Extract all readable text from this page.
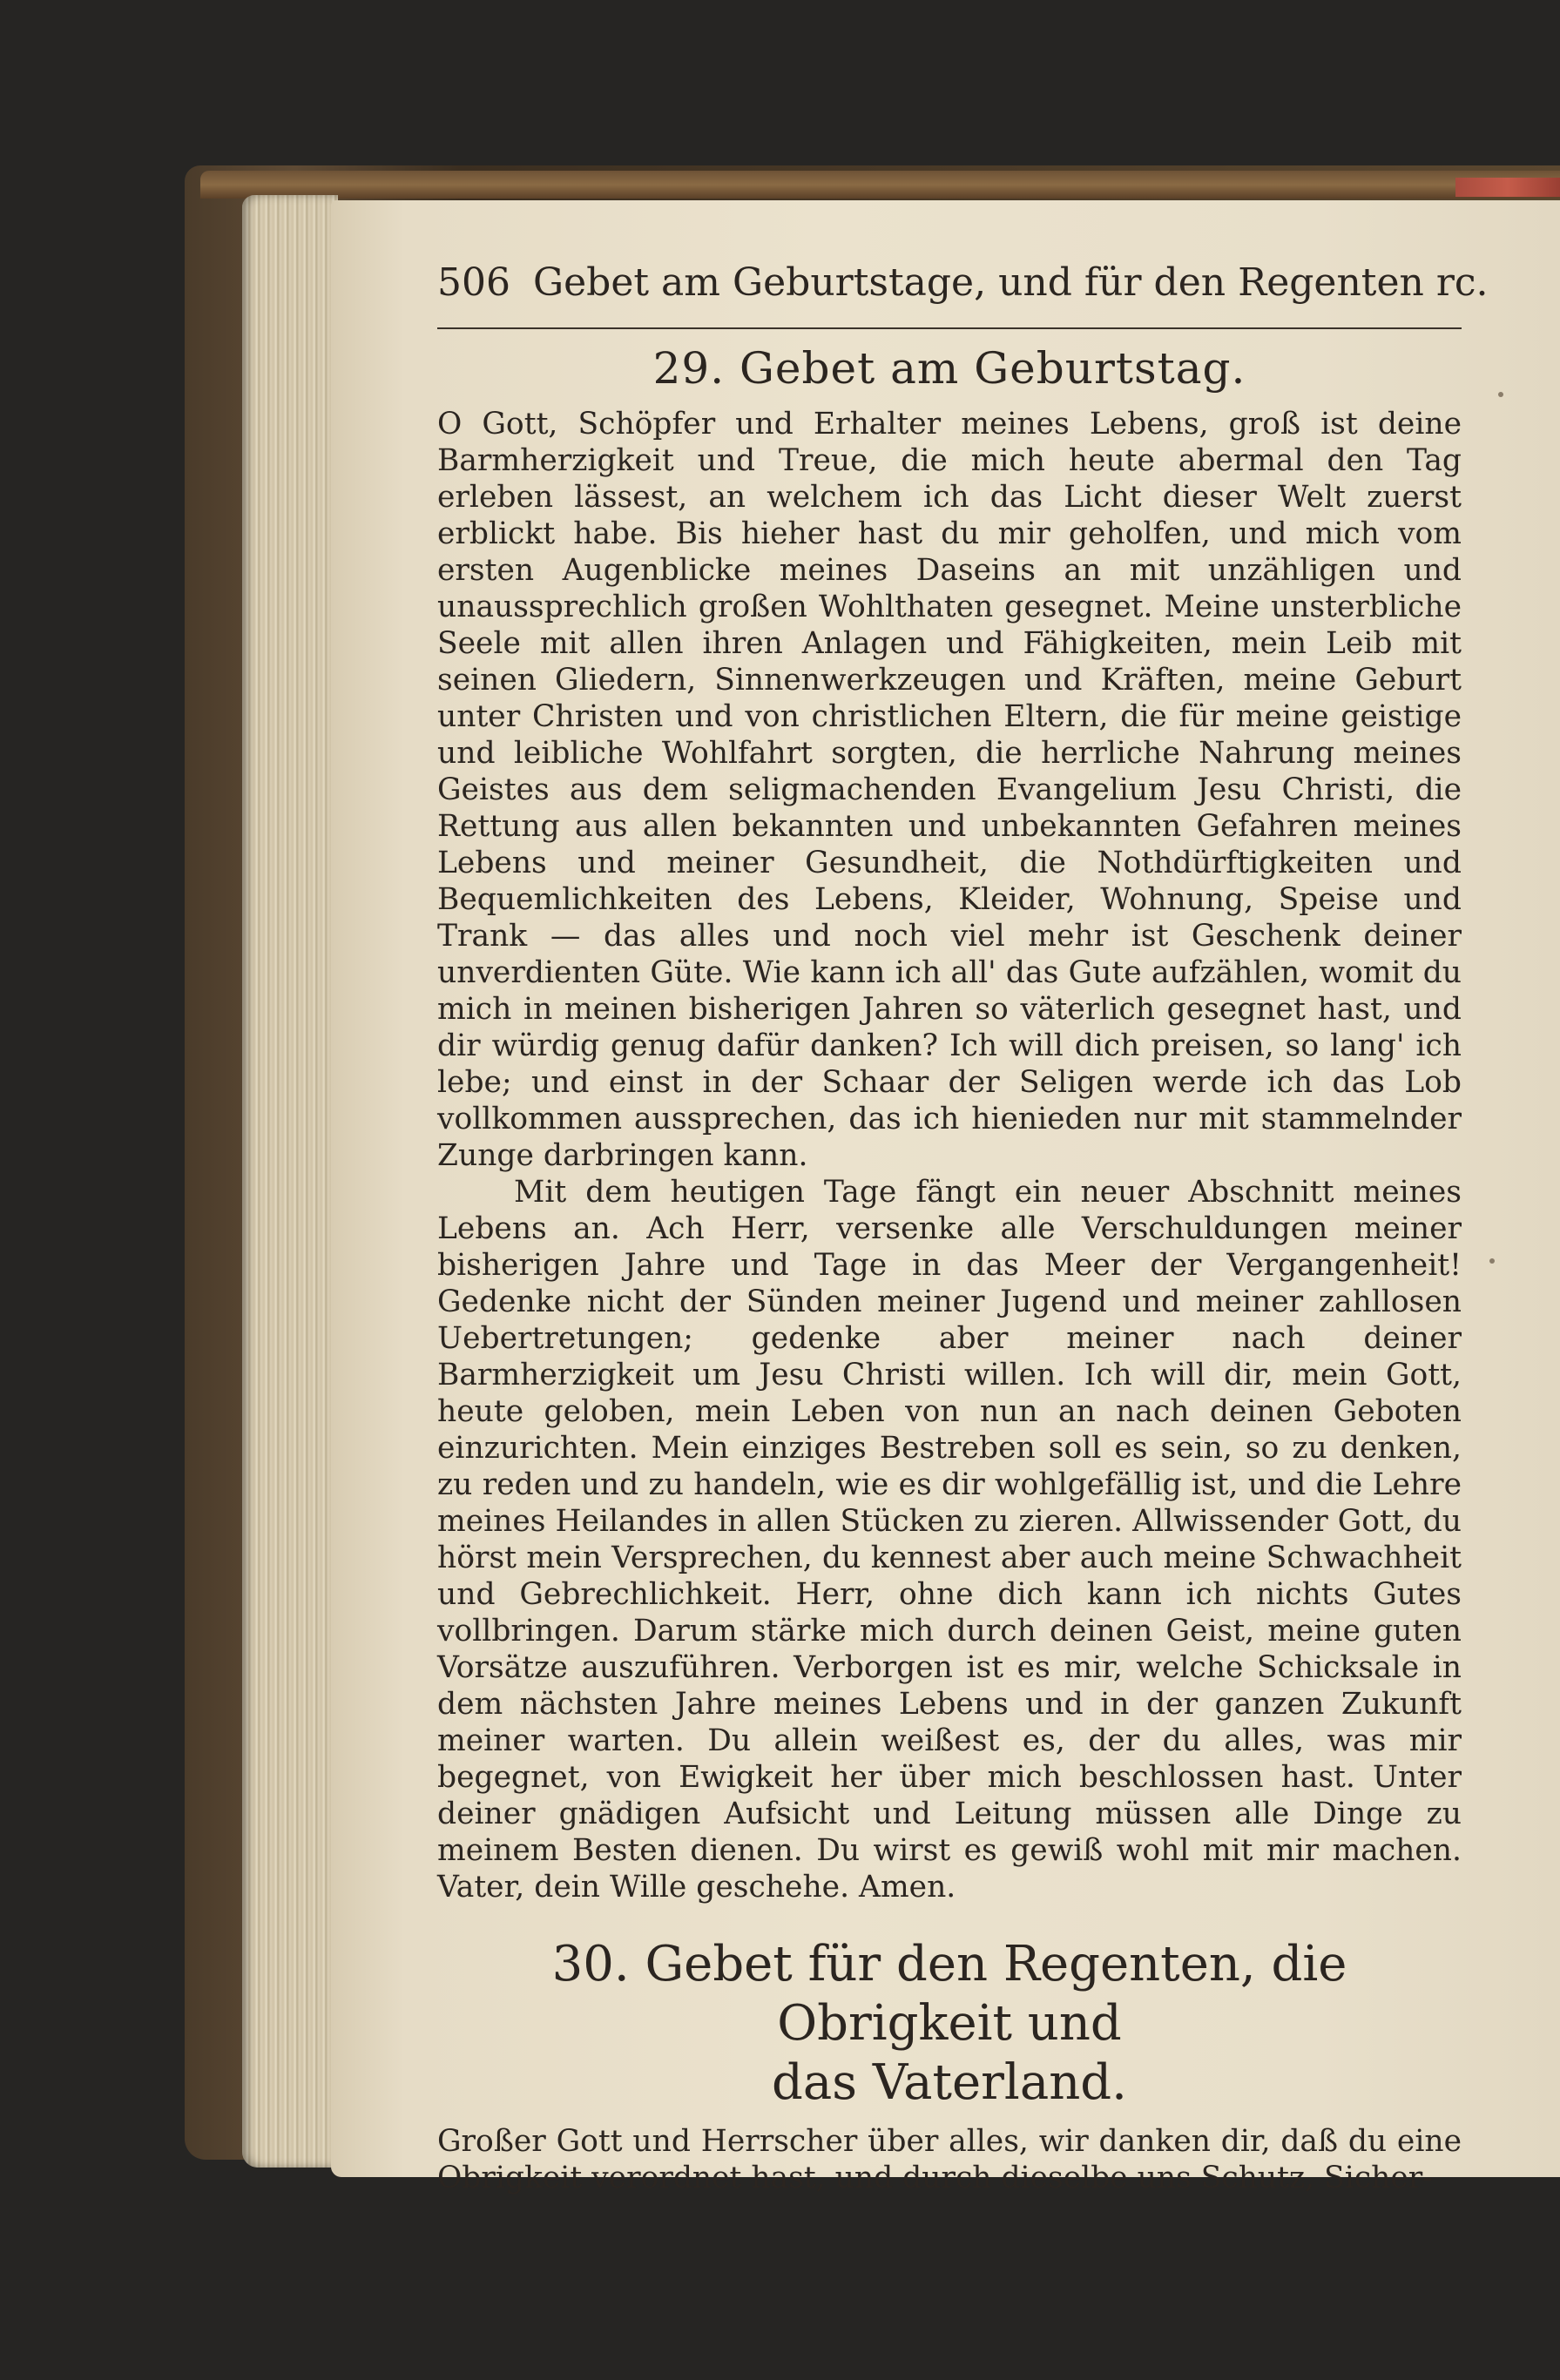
506 Gebet am Geburtstage, und für den Regenten rc.
29. Gebet am Geburtstag.

O Gott, Schöpfer und Erhalter meines Lebens, groß ist deine Barmherzigkeit und Treue, die mich heute abermal den Tag erleben lässest, an welchem ich das Licht dieser Welt zuerst erblickt habe. Bis hieher hast du mir geholfen, und mich vom ersten Augenblicke meines Daseins an mit unzähligen und unaussprechlich großen Wohlthaten gesegnet. Meine unsterbliche Seele mit allen ihren Anlagen und Fähigkeiten, mein Leib mit seinen Gliedern, Sinnenwerkzeugen und Kräften, meine Geburt unter Christen und von christlichen Eltern, die für meine geistige und leibliche Wohlfahrt sorgten, die herrliche Nahrung meines Geistes aus dem seligmachenden Evangelium Jesu Christi, die Rettung aus allen bekannten und unbekannten Gefahren meines Lebens und meiner Gesundheit, die Nothdürftigkeiten und Bequemlichkeiten des Lebens, Kleider, Wohnung, Speise und Trank — das alles und noch viel mehr ist Geschenk deiner unverdienten Güte. Wie kann ich all' das Gute aufzählen, womit du mich in meinen bisherigen Jahren so väterlich gesegnet hast, und dir würdig genug dafür danken? Ich will dich preisen, so lang' ich lebe; und einst in der Schaar der Seligen werde ich das Lob vollkommen aussprechen, das ich hienieden nur mit stammelnder Zunge darbringen kann.

Mit dem heutigen Tage fängt ein neuer Abschnitt meines Lebens an. Ach Herr, versenke alle Verschuldungen meiner bisherigen Jahre und Tage in das Meer der Vergangenheit! Gedenke nicht der Sünden meiner Jugend und meiner zahllosen Uebertretungen; gedenke aber meiner nach deiner Barmherzigkeit um Jesu Christi willen. Ich will dir, mein Gott, heute geloben, mein Leben von nun an nach deinen Geboten einzurichten. Mein einziges Bestreben soll es sein, so zu denken, zu reden und zu handeln, wie es dir wohlgefällig ist, und die Lehre meines Heilandes in allen Stücken zu zieren. Allwissender Gott, du hörst mein Versprechen, du kennest aber auch meine Schwachheit und Gebrechlichkeit. Herr, ohne dich kann ich nichts Gutes vollbringen. Darum stärke mich durch deinen Geist, meine guten Vorsätze auszuführen. Verborgen ist es mir, welche Schicksale in dem nächsten Jahre meines Lebens und in der ganzen Zukunft meiner warten. Du allein weißest es, der du alles, was mir begegnet, von Ewigkeit her über mich beschlossen hast. Unter deiner gnädigen Aufsicht und Leitung müssen alle Dinge zu meinem Besten dienen. Du wirst es gewiß wohl mit mir machen. Vater, dein Wille geschehe. Amen.

30. Gebet für den Regenten, die Obrigkeit und
das Vaterland.

Großer Gott und Herrscher über alles, wir danken dir, daß du eine Obrigkeit verordnet hast, und durch dieselbe uns Schutz, Sicher-
